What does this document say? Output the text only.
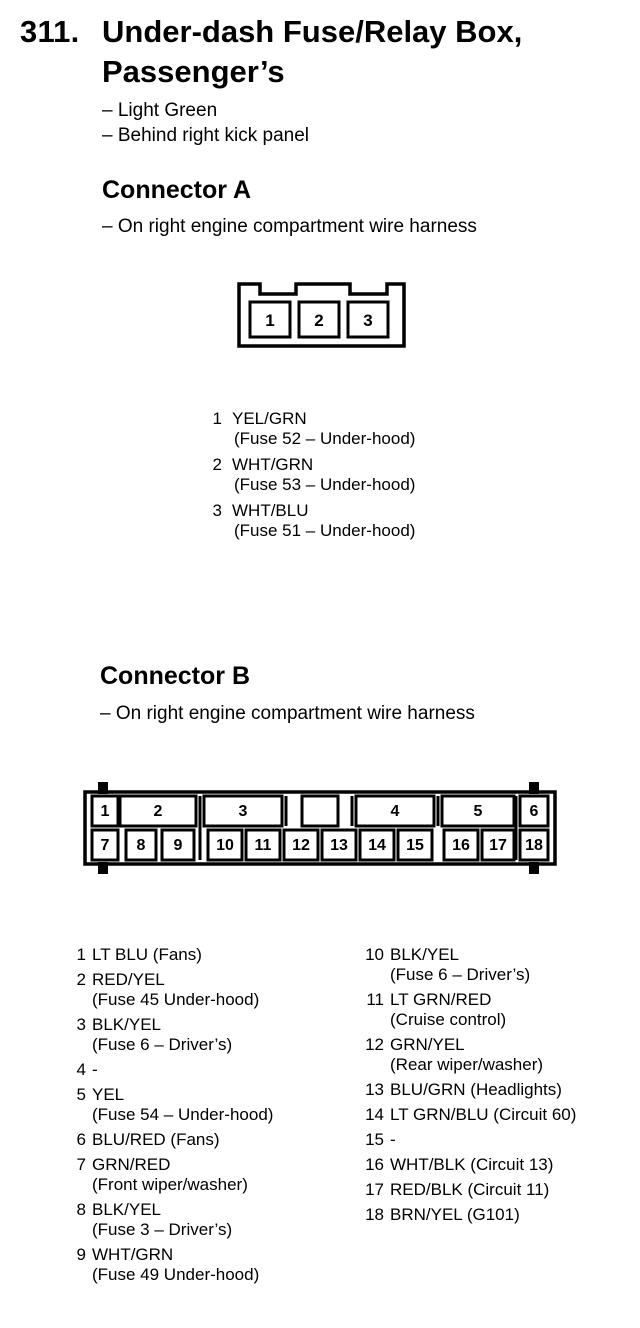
311. Under-dash Fuse/Relay Box,
Passenger’s
– Light Green
– Behind right kick panel
Connector A
– On right engine compartment wire harness
1 2 3
1 YEL/GRN
(Fuse 52 – Under-hood)
2 WHT/GRN
(Fuse 53 – Under-hood)
3 WHT/BLU
(Fuse 51 – Under-hood)
Connector B
– On right engine compartment wire harness
1	2	3	4	5	6
7 8 9 10 11 12 13 14 15 16 17 18
1 LT BLU (Fans)
2 RED/YEL
(Fuse 45 Under-hood)
3 BLK/YEL
(Fuse 6 – Driver’s)
4 -
5 YEL
(Fuse 54 – Under-hood)
6 BLU/RED (Fans)
7 GRN/RED
(Front wiper/washer)
8 BLK/YEL
(Fuse 3 – Driver’s)
9 WHT/GRN
(Fuse 49 Under-hood)
10 BLK/YEL
(Fuse 6 – Driver’s)
11 LT GRN/RED
(Cruise control)
12 GRN/YEL
(Rear wiper/washer)
13 BLU/GRN (Headlights)
14 LT GRN/BLU (Circuit 60)
15 -
16 WHT/BLK (Circuit 13)
17 RED/BLK (Circuit 11)
18 BRN/YEL (G101)
